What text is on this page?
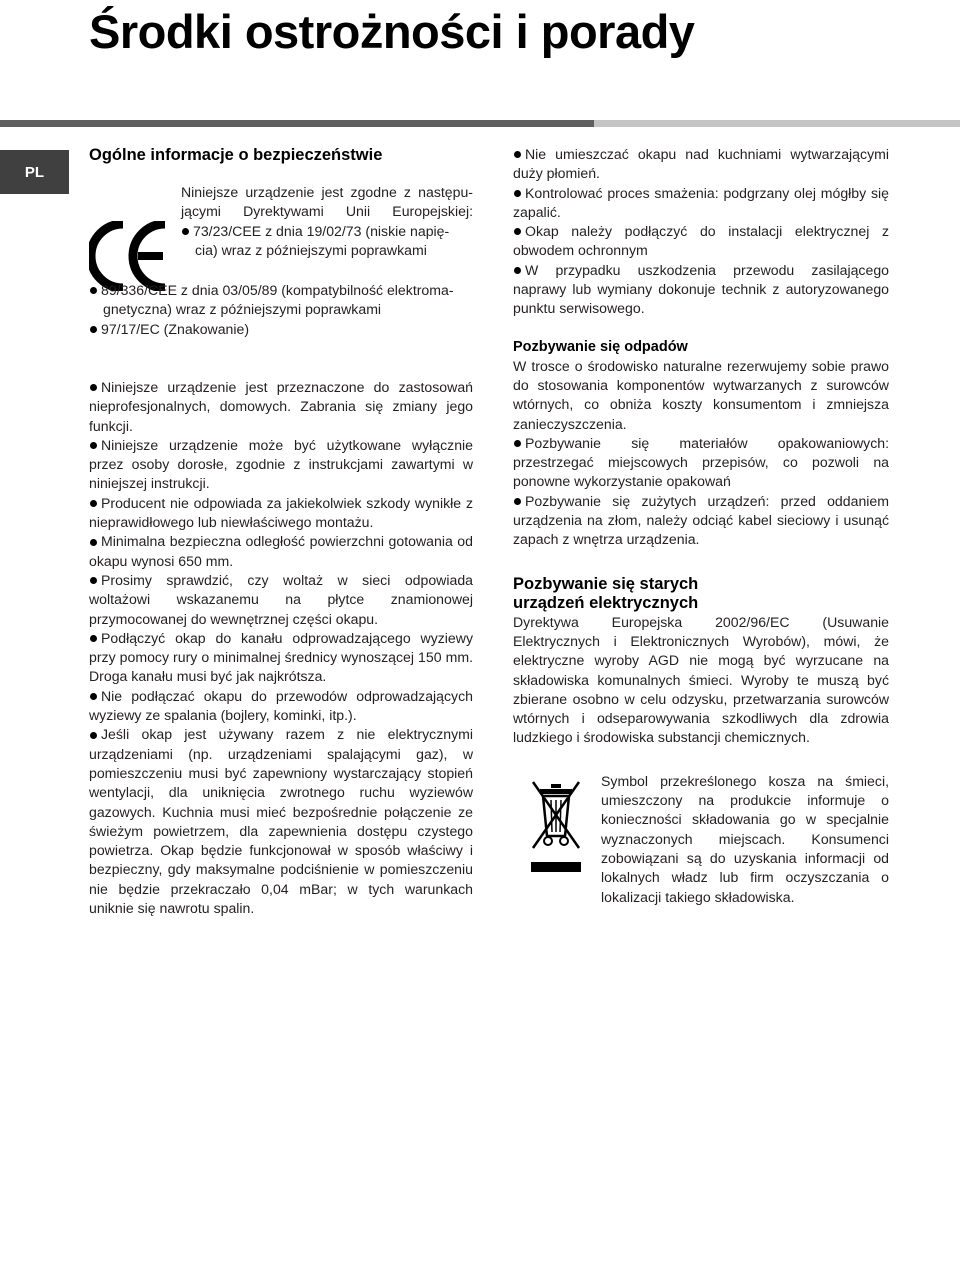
Środki ostrożności i porady
PL

Ogólne informacje o bezpieczeństwie

Niniejsze urządzenie jest zgodne z następu-

jącymi Dyrektywami Unii Europejskiej:

73/23/CEE z dnia 19/02/73 (niskie napię-

cia) wraz z późniejszymi poprawkami

89/336/CEE z dnia 03/05/89 (kompatybilność elektroma-

gnetyczna) wraz z późniejszymi poprawkami

97/17/EC (Znakowanie)

Niniejsze urządzenie jest przeznaczone do zastosowań nieprofesjonalnych, domowych. Zabrania się zmiany jego funkcji.

Niniejsze urządzenie może być użytkowane wyłącznie przez osoby dorosłe, zgodnie z instrukcjami zawartymi w niniejszej instrukcji.

Producent nie odpowiada za jakiekolwiek szkody wynikłe z nieprawidłowego lub niewłaściwego montażu.

Minimalna bezpieczna odległość powierzchni gotowania od okapu wynosi 650 mm.

Prosimy sprawdzić, czy woltaż w sieci odpowiada woltażowi wskazanemu na płytce znamionowej przymocowanej do wewnętrznej części okapu.

Podłączyć okap do kanału odprowadzającego wyziewy przy pomocy rury o minimalnej średnicy wynoszącej 150 mm. Droga kanału musi być jak najkrótsza.

Nie podłączać okapu do przewodów odprowadzających wyziewy ze spalania (bojlery, kominki, itp.).

Jeśli okap jest używany razem z nie elektrycznymi urządzeniami (np. urządzeniami spalającymi gaz), w pomieszczeniu musi być zapewniony wystarczający stopień wentylacji, dla uniknięcia zwrotnego ruchu wyziewów gazowych. Kuchnia musi mieć bezpośrednie połączenie ze świeżym powietrzem, dla zapewnienia dostępu czystego powietrza. Okap będzie funkcjonował w sposób właściwy i bezpieczny, gdy maksymalne podciśnienie w pomieszczeniu nie będzie przekraczało 0,04 mBar; w tych warunkach uniknie się nawrotu spalin.

Nie umieszczać okapu nad kuchniami wytwarzającymi duży płomień.

Kontrolować proces smażenia: podgrzany olej mógłby się zapalić.

Okap należy podłączyć do instalacji elektrycznej z obwodem ochronnym

W przypadku uszkodzenia przewodu zasilającego naprawy lub wymiany dokonuje technik z autoryzowanego punktu serwisowego.

Pozbywanie się odpadów

W trosce o środowisko naturalne rezerwujemy sobie prawo do stosowania komponentów wytwarzanych z surowców wtórnych, co obniża koszty konsumentom i zmniejsza zanieczyszczenia.

Pozbywanie się materiałów opakowaniowych: przestrzegać miejscowych przepisów, co pozwoli na ponowne wykorzystanie opakowań

Pozbywanie się zużytych urządzeń: przed oddaniem urządzenia na złom, należy odciąć kabel sieciowy i usunąć zapach z wnętrza urządzenia.

Pozbywanie się starych

urządzeń elektrycznych

Dyrektywa Europejska 2002/96/EC (Usuwanie Elektrycznych i Elektronicznych Wyrobów), mówi, że elektryczne wyroby AGD nie mogą być wyrzucane na składowiska komunalnych śmieci. Wyroby te muszą być zbierane osobno w celu odzysku, przetwarzania surowców wtórnych i odseparowywania szkodliwych dla zdrowia ludzkiego i środowiska substancji chemicznych.

Symbol przekreślonego kosza na śmieci, umieszczony na produkcie informuje o konieczności składowania go w specjalnie wyznaczonych miejscach. Konsumenci zobowiązani są do uzyskania informacji od lokalnych władz lub firm oczyszczania o lokalizacji takiego składowiska.
